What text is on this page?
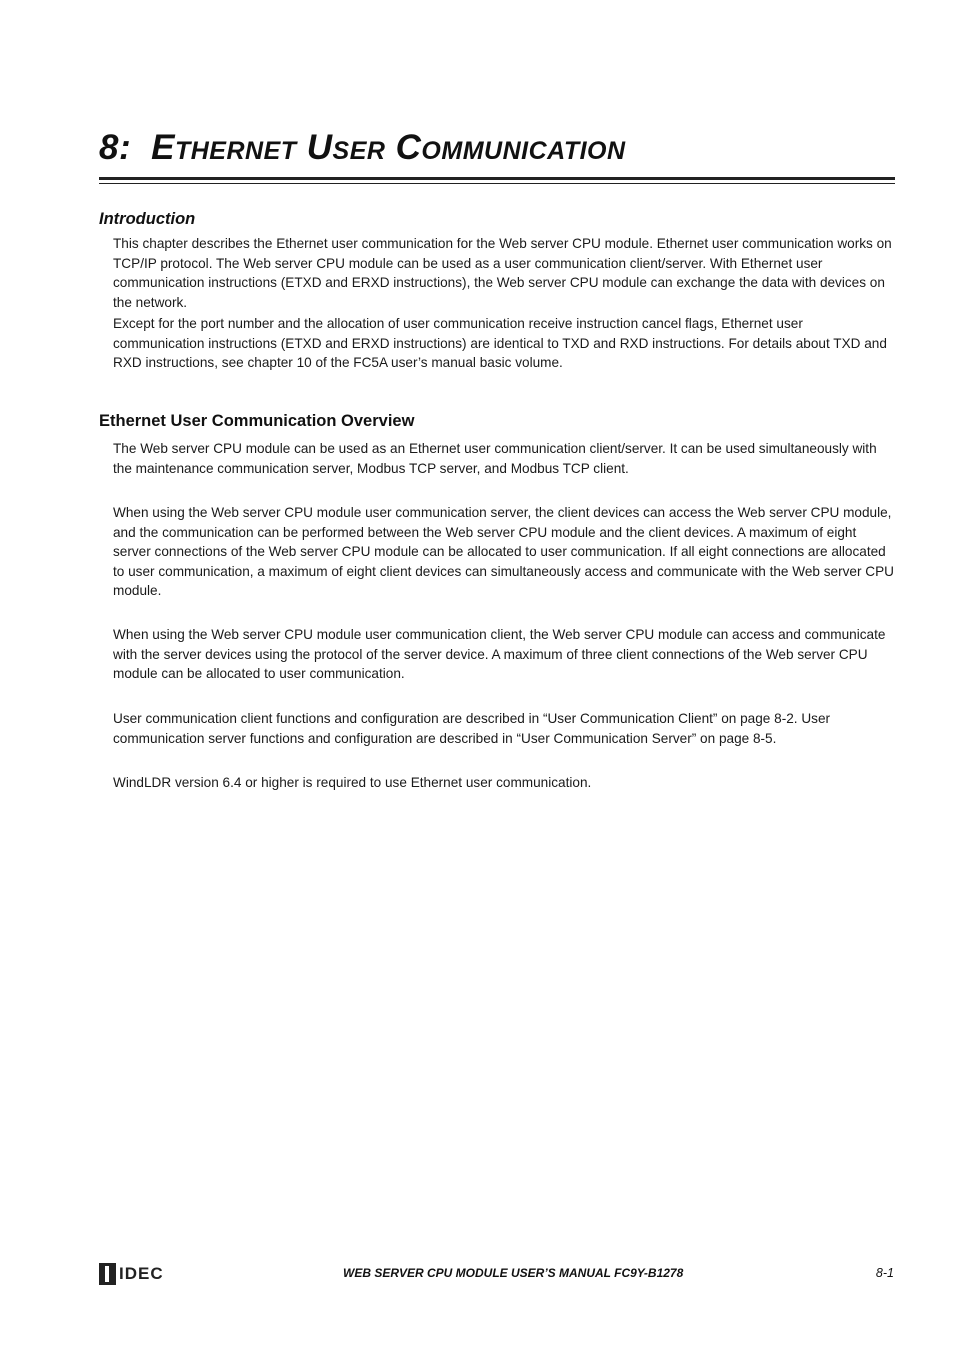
8: Ethernet User Communication
Introduction

This chapter describes the Ethernet user communication for the Web server CPU module. Ethernet user communication works on TCP/IP protocol. The Web server CPU module can be used as a user communication client/server. With Ethernet user communication instructions (ETXD and ERXD instructions), the Web server CPU module can exchange the data with devices on the network.

Except for the port number and the allocation of user communication receive instruction cancel flags, Ethernet user communication instructions (ETXD and ERXD instructions) are identical to TXD and RXD instructions. For details about TXD and RXD instructions, see chapter 10 of the FC5A user’s manual basic volume.

Ethernet User Communication Overview

The Web server CPU module can be used as an Ethernet user communication client/server. It can be used simultaneously with the maintenance communication server, Modbus TCP server, and Modbus TCP client.

When using the Web server CPU module user communication server, the client devices can access the Web server CPU module, and the communication can be performed between the Web server CPU module and the client devices. A maximum of eight server connections of the Web server CPU module can be allocated to user communication. If all eight connections are allocated to user communication, a maximum of eight client devices can simultaneously access and communicate with the Web server CPU module.

When using the Web server CPU module user communication client, the Web server CPU module can access and communicate with the server devices using the protocol of the server device. A maximum of three client connections of the Web server CPU module can be allocated to user communication.

User communication client functions and configuration are described in “User Communication Client” on page 8-2. User communication server functions and configuration are described in “User Communication Server” on page 8-5.

WindLDR version 6.4 or higher is required to use Ethernet user communication.

IDEC	WEB SERVER CPU MODULE USER’S MANUAL FC9Y-B1278	8-1
